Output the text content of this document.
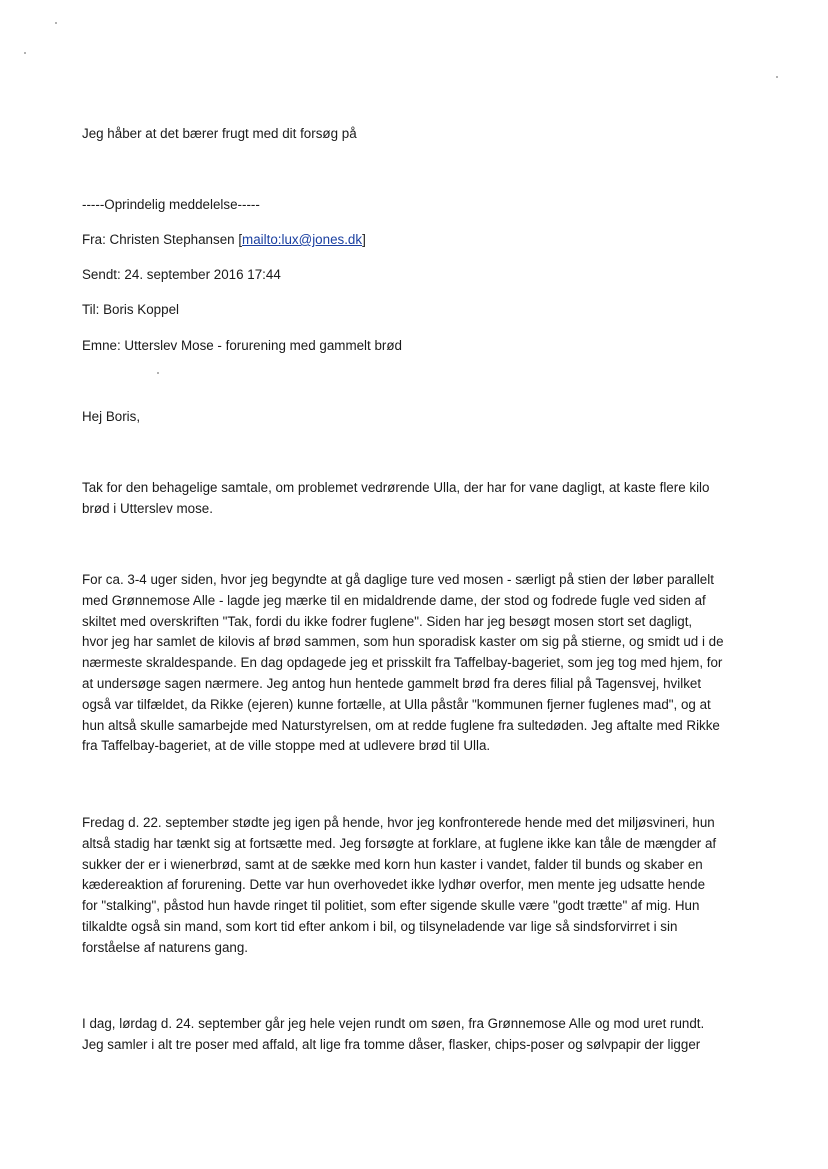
Jeg håber at det bærer frugt med dit forsøg på
-----Oprindelig meddelelse-----
Fra: Christen Stephansen [mailto:lux@jones.dk]
Sendt: 24. september 2016 17:44
Til: Boris Koppel
Emne: Utterslev Mose - forurening med gammelt brød
Hej Boris,
Tak for den behagelige samtale, om problemet vedrørende Ulla, der har for vane dagligt, at kaste flere kilo
brød i Utterslev mose.
For ca. 3-4 uger siden, hvor jeg begyndte at gå daglige ture ved mosen - særligt på stien der løber parallelt
med Grønnemose Alle - lagde jeg mærke til en midaldrende dame, der stod og fodrede fugle ved siden af
skiltet med overskriften "Tak, fordi du ikke fodrer fuglene". Siden har jeg besøgt mosen stort set dagligt,
hvor jeg har samlet de kilovis af brød sammen, som hun sporadisk kaster om sig på stierne, og smidt ud i de
nærmeste skraldespande. En dag opdagede jeg et prisskilt fra Taffelbay-bageriet, som jeg tog med hjem, for
at undersøge sagen nærmere. Jeg antog hun hentede gammelt brød fra deres filial på Tagensvej, hvilket
også var tilfældet, da Rikke (ejeren) kunne fortælle, at Ulla påstår "kommunen fjerner fuglenes mad", og at
hun altså skulle samarbejde med Naturstyrelsen, om at redde fuglene fra sultedøden. Jeg aftalte med Rikke
fra Taffelbay-bageriet, at de ville stoppe med at udlevere brød til Ulla.
Fredag d. 22. september stødte jeg igen på hende, hvor jeg konfronterede hende med det miljøsvineri, hun
altså stadig har tænkt sig at fortsætte med. Jeg forsøgte at forklare, at fuglene ikke kan tåle de mængder af
sukker der er i wienerbrød, samt at de sække med korn hun kaster i vandet, falder til bunds og skaber en
kædereaktion af forurening. Dette var hun overhovedet ikke lydhør overfor, men mente jeg udsatte hende
for "stalking", påstod hun havde ringet til politiet, som efter sigende skulle være "godt trætte" af mig. Hun
tilkaldte også sin mand, som kort tid efter ankom i bil, og tilsyneladende var lige så sindsforvirret i sin
forståelse af naturens gang.
I dag, lørdag d. 24. september går jeg hele vejen rundt om søen, fra Grønnemose Alle og mod uret rundt.
Jeg samler i alt tre poser med affald, alt lige fra tomme dåser, flasker, chips-poser og sølvpapir der ligger
